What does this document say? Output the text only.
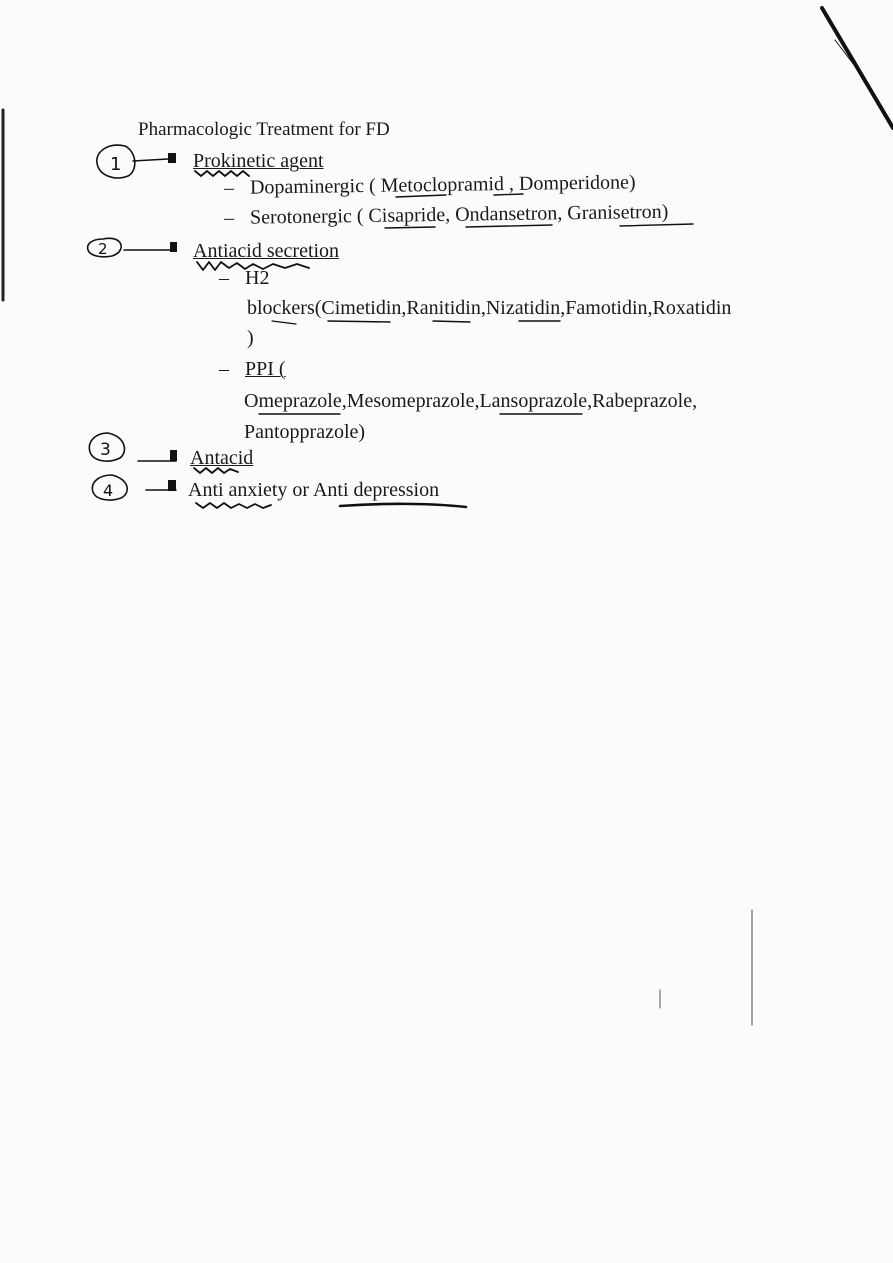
Pharmacologic Treatment for FD
Prokinetic agent
– Dopaminergic ( Metoclopramid , Domperidone)
– Serotonergic ( Cisapride, Ondansetron, Granisetron)
Antiacid secretion
– H2
blockers(Cimetidin,Ranitidin,Nizatidin,Famotidin,Roxatidin
)
– PPI (
Omeprazole,Mesomeprazole,Lansoprazole,Rabeprazole,
Pantopprazole)
Antacid
Anti anxiety or Anti depression
1
2
3
4
